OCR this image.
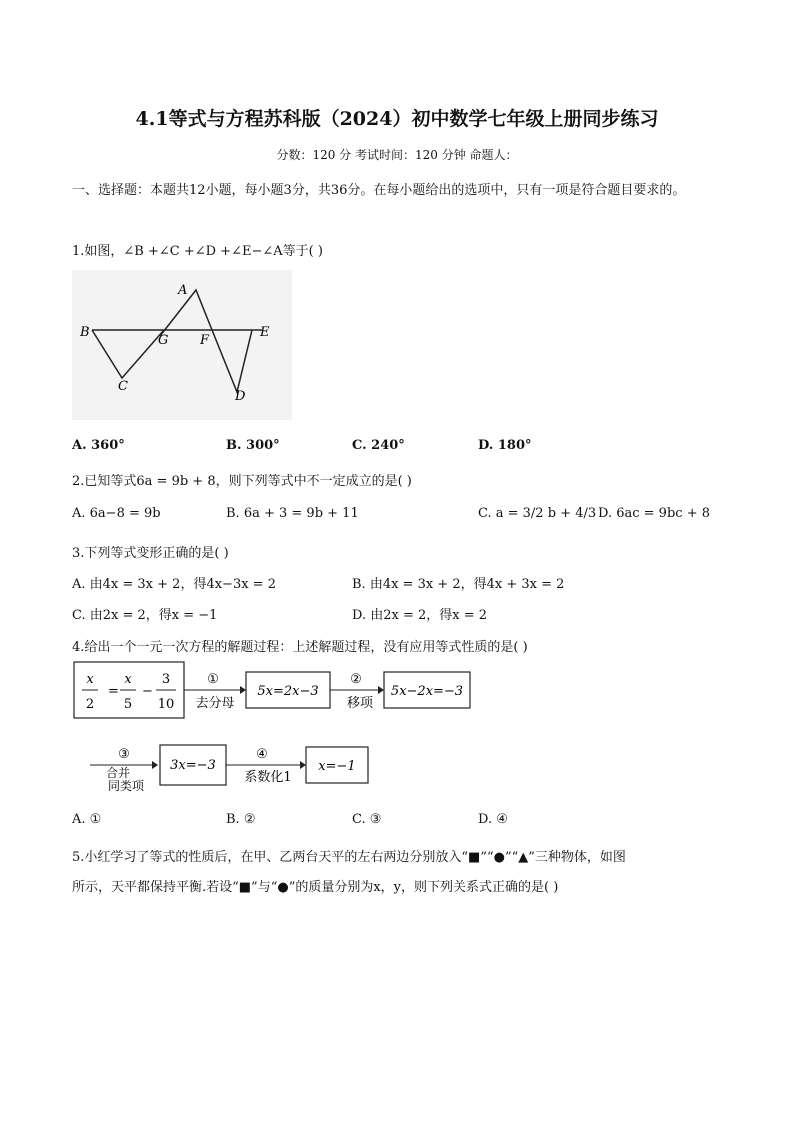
4.1等式与方程苏科版（2024）初中数学七年级上册同步练习
分数：120 分 考试时间：120 分钟 命题人：
一、选择题：本题共12小题，每小题3分，共36分。在每小题给出的选项中，只有一项是符合题目要求的。
1.如图，∠B +∠C +∠D +∠E−∠A等于( )
B
C
A
G F
E
D
A. 360°	B. 300°	C. 240°	D. 180°
2.已知等式6a = 9b + 8，则下列等式中不一定成立的是( )
A. 6a−8 = 9b	B. 6a + 3 = 9b + 11	C. a = 3/2 b + 4/3 D. 6ac = 9bc + 8
3.下列等式变形正确的是( )
A. 由4x = 3x + 2，得4x−3x = 2	B. 由4x = 3x + 2，得4x + 3x = 2
C. 由2x = 2，得x = −1	D. 由2x = 2，得x = 2
4.给出一个一元一次方程的解题过程：上述解题过程，没有应用等式性质的是( )
x
2
=
x
5
−
3
10
①
去分母
5x=2x−3
②
移项
5x−2x=−3
③
合并
同类项
3x=−3
④
系数化1
x=−1
A. ①	B. ②	C. ③	D. ④
5.小红学习了等式的性质后，在甲、乙两台天平的左右两边分别放入“■”“●”“▲”三种物体，如图
所示，天平都保持平衡.若设“■”与“●”的质量分别为x，y，则下列关系式正确的是( )
